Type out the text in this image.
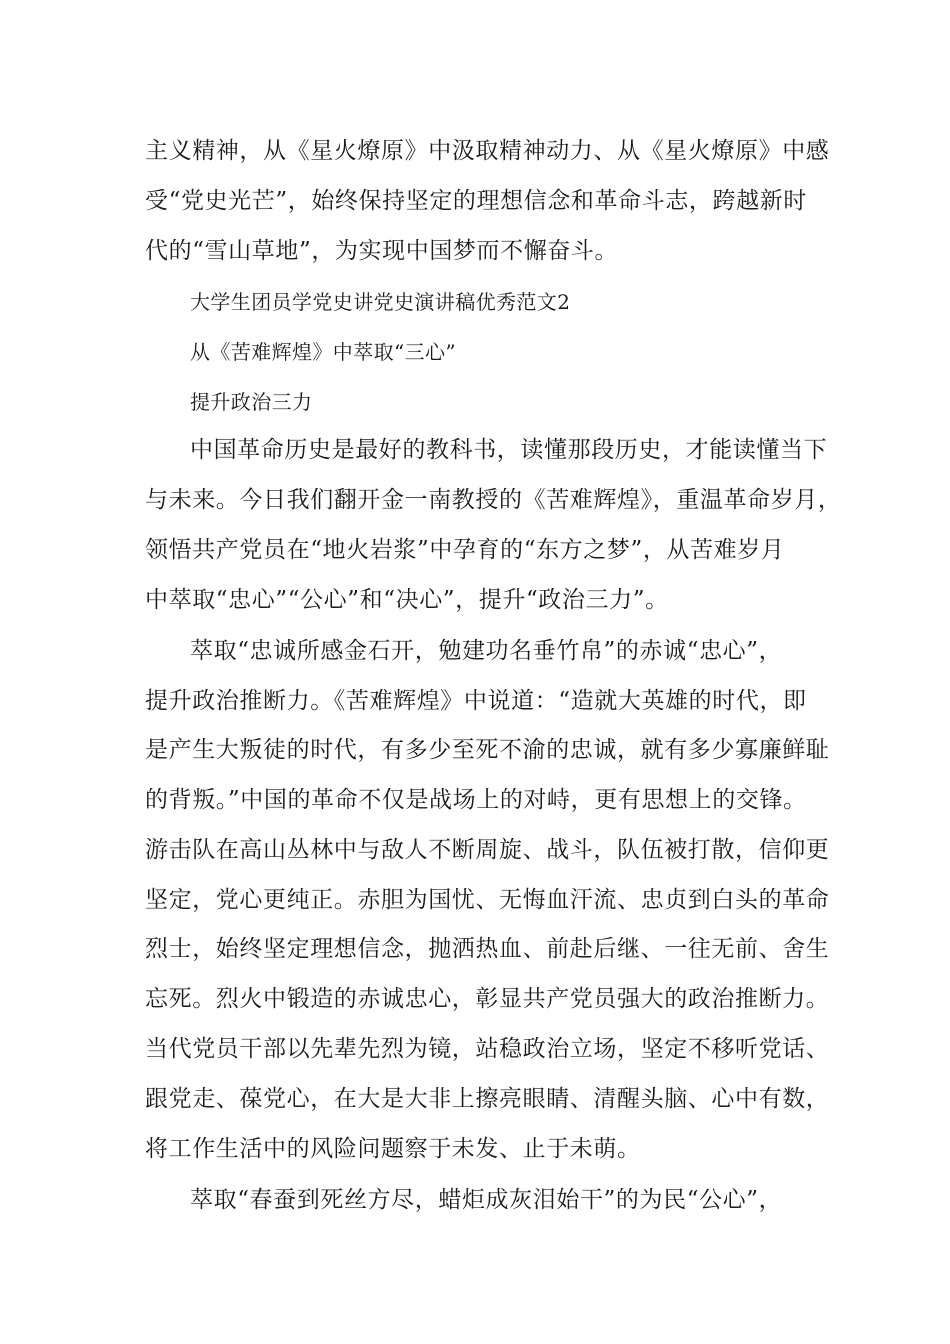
主义精神，从《星火燎原》中汲取精神动力、从《星火燎原》中感
受“党史光芒”，始终保持坚定的理想信念和革命斗志，跨越新时
代的“雪山草地”，为实现中国梦而不懈奋斗。
大学生团员学党史讲党史演讲稿优秀范文2
从《苦难辉煌》中萃取“三心”
提升政治三力
中国革命历史是最好的教科书，读懂那段历史，才能读懂当下
与未来。今日我们翻开金一南教授的《苦难辉煌》，重温革命岁月，
领悟共产党员在“地火岩浆”中孕育的“东方之梦”，从苦难岁月
中萃取“忠心”“公心”和“决心”，提升“政治三力”。
萃取“忠诚所感金石开，勉建功名垂竹帛”的赤诚“忠心”，
提升政治推断力。《苦难辉煌》中说道：“造就大英雄的时代，即
是产生大叛徒的时代，有多少至死不渝的忠诚，就有多少寡廉鲜耻
的背叛。”中国的革命不仅是战场上的对峙，更有思想上的交锋。
游击队在高山丛林中与敌人不断周旋、战斗，队伍被打散，信仰更
坚定，党心更纯正。赤胆为国忧、无悔血汗流、忠贞到白头的革命
烈士，始终坚定理想信念，抛洒热血、前赴后继、一往无前、舍生
忘死。烈火中锻造的赤诚忠心，彰显共产党员强大的政治推断力。
当代党员干部以先辈先烈为镜，站稳政治立场，坚定不移听党话、
跟党走、葆党心，在大是大非上擦亮眼睛、清醒头脑、心中有数，
将工作生活中的风险问题察于未发、止于未萌。
萃取“春蚕到死丝方尽，蜡炬成灰泪始干”的为民“公心”，
